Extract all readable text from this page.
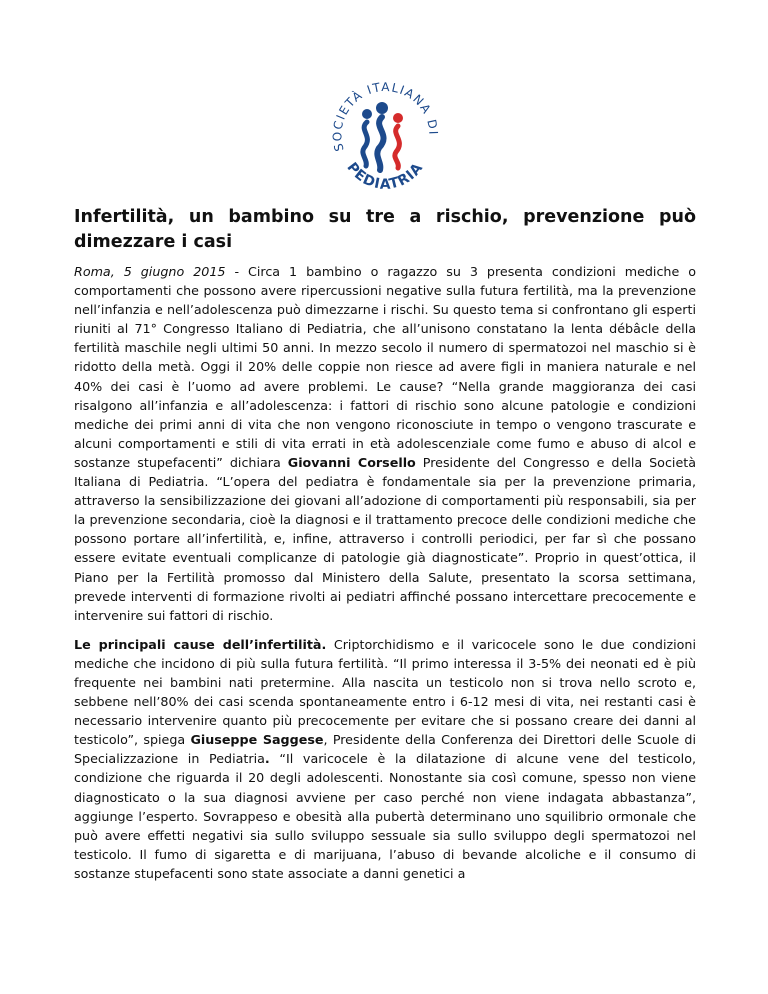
SOCIETÀ ITALIANA DI
PEDIATRIA
Infertilità, un bambino su tre a rischio, prevenzione può dimezzare i casi

Roma, 5 giugno 2015 - Circa 1 bambino o ragazzo su 3 presenta condizioni mediche o comportamenti che possono avere ripercussioni negative sulla futura fertilità, ma la prevenzione nell’infanzia e nell’adolescenza può dimezzarne i rischi. Su questo tema si confrontano gli esperti riuniti al 71° Congresso Italiano di Pediatria, che all’unisono constatano la lenta débâcle della fertilità maschile negli ultimi 50 anni. In mezzo secolo il numero di spermatozoi nel maschio si è ridotto della metà. Oggi il 20% delle coppie non riesce ad avere figli in maniera naturale e nel 40% dei casi è l’uomo ad avere problemi. Le cause? “Nella grande maggioranza dei casi risalgono all’infanzia e all’adolescenza: i fattori di rischio sono alcune patologie e condizioni mediche dei primi anni di vita che non vengono riconosciute in tempo o vengono trascurate e alcuni comportamenti e stili di vita errati in età adolescenziale come fumo e abuso di alcol e sostanze stupefacenti” dichiara Giovanni Corsello Presidente del Congresso e della Società Italiana di Pediatria. “L’opera del pediatra è fondamentale sia per la prevenzione primaria, attraverso la sensibilizzazione dei giovani all’adozione di comportamenti più responsabili, sia per la prevenzione secondaria, cioè la diagnosi e il trattamento precoce delle condizioni mediche che possono portare all’infertilità, e, infine, attraverso i controlli periodici, per far sì che possano essere evitate eventuali complicanze di patologie già diagnosticate”. Proprio in quest’ottica, il Piano per la Fertilità promosso dal Ministero della Salute, presentato la scorsa settimana, prevede interventi di formazione rivolti ai pediatri affinché possano intercettare precocemente e intervenire sui fattori di rischio.

Le principali cause dell’infertilità. Criptorchidismo e il varicocele sono le due condizioni mediche che incidono di più sulla futura fertilità. “Il primo interessa il 3-5% dei neonati ed è più frequente nei bambini nati pretermine. Alla nascita un testicolo non si trova nello scroto e, sebbene nell’80% dei casi scenda spontaneamente entro i 6-12 mesi di vita, nei restanti casi è necessario intervenire quanto più precocemente per evitare che si possano creare dei danni al testicolo”, spiega Giuseppe Saggese, Presidente della Conferenza dei Direttori delle Scuole di Specializzazione in Pediatria. “Il varicocele è la dilatazione di alcune vene del testicolo, condizione che riguarda il 20 degli adolescenti. Nonostante sia così comune, spesso non viene diagnosticato o la sua diagnosi avviene per caso perché non viene indagata abbastanza”, aggiunge l’esperto. Sovrappeso e obesità alla pubertà determinano uno squilibrio ormonale che può avere effetti negativi sia sullo sviluppo sessuale sia sullo sviluppo degli spermatozoi nel testicolo. Il fumo di sigaretta e di marijuana, l’abuso di bevande alcoliche e il consumo di sostanze stupefacenti sono state associate a danni genetici a
